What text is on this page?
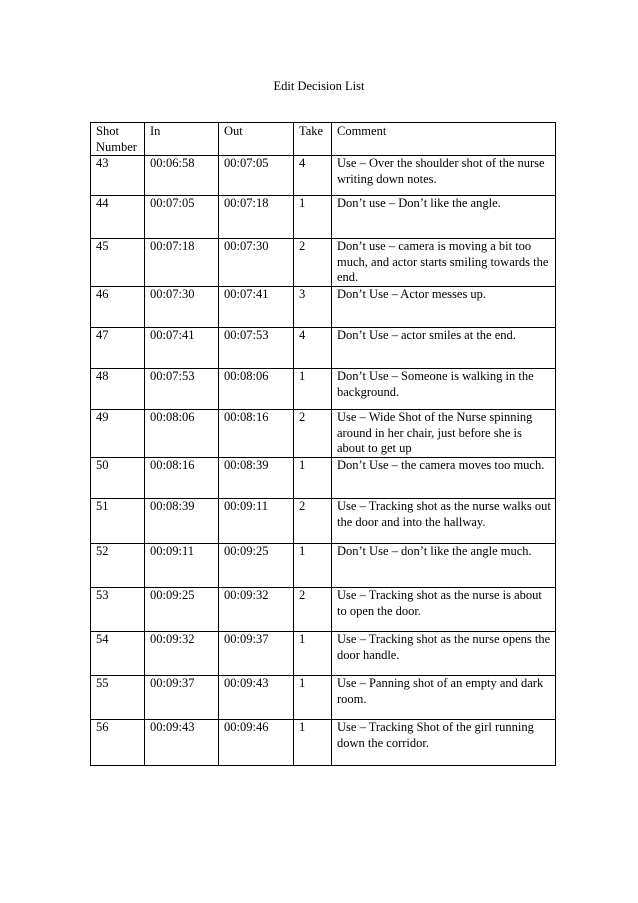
Edit Decision List
Shot Number	In	Out	Take	Comment
43	00:06:58	00:07:05	4	Use – Over the shoulder shot of the nurse writing down notes.
44	00:07:05	00:07:18	1	Don’t use – Don’t like the angle.
45	00:07:18	00:07:30	2	Don’t use – camera is moving a bit too much, and actor starts smiling towards the end.
46	00:07:30	00:07:41	3	Don’t Use – Actor messes up.
47	00:07:41	00:07:53	4	Don’t Use – actor smiles at the end.
48	00:07:53	00:08:06	1	Don’t Use – Someone is walking in the background.
49	00:08:06	00:08:16	2	Use – Wide Shot of the Nurse spinning around in her chair, just before she is about to get up
50	00:08:16	00:08:39	1	Don’t Use – the camera moves too much.
51	00:08:39	00:09:11	2	Use – Tracking shot as the nurse walks out the door and into the hallway.
52	00:09:11	00:09:25	1	Don’t Use – don’t like the angle much.
53	00:09:25	00:09:32	2	Use – Tracking shot as the nurse is about to open the door.
54	00:09:32	00:09:37	1	Use – Tracking shot as the nurse opens the door handle.
55	00:09:37	00:09:43	1	Use – Panning shot of an empty and dark room.
56	00:09:43	00:09:46	1	Use – Tracking Shot of the girl running down the corridor.
